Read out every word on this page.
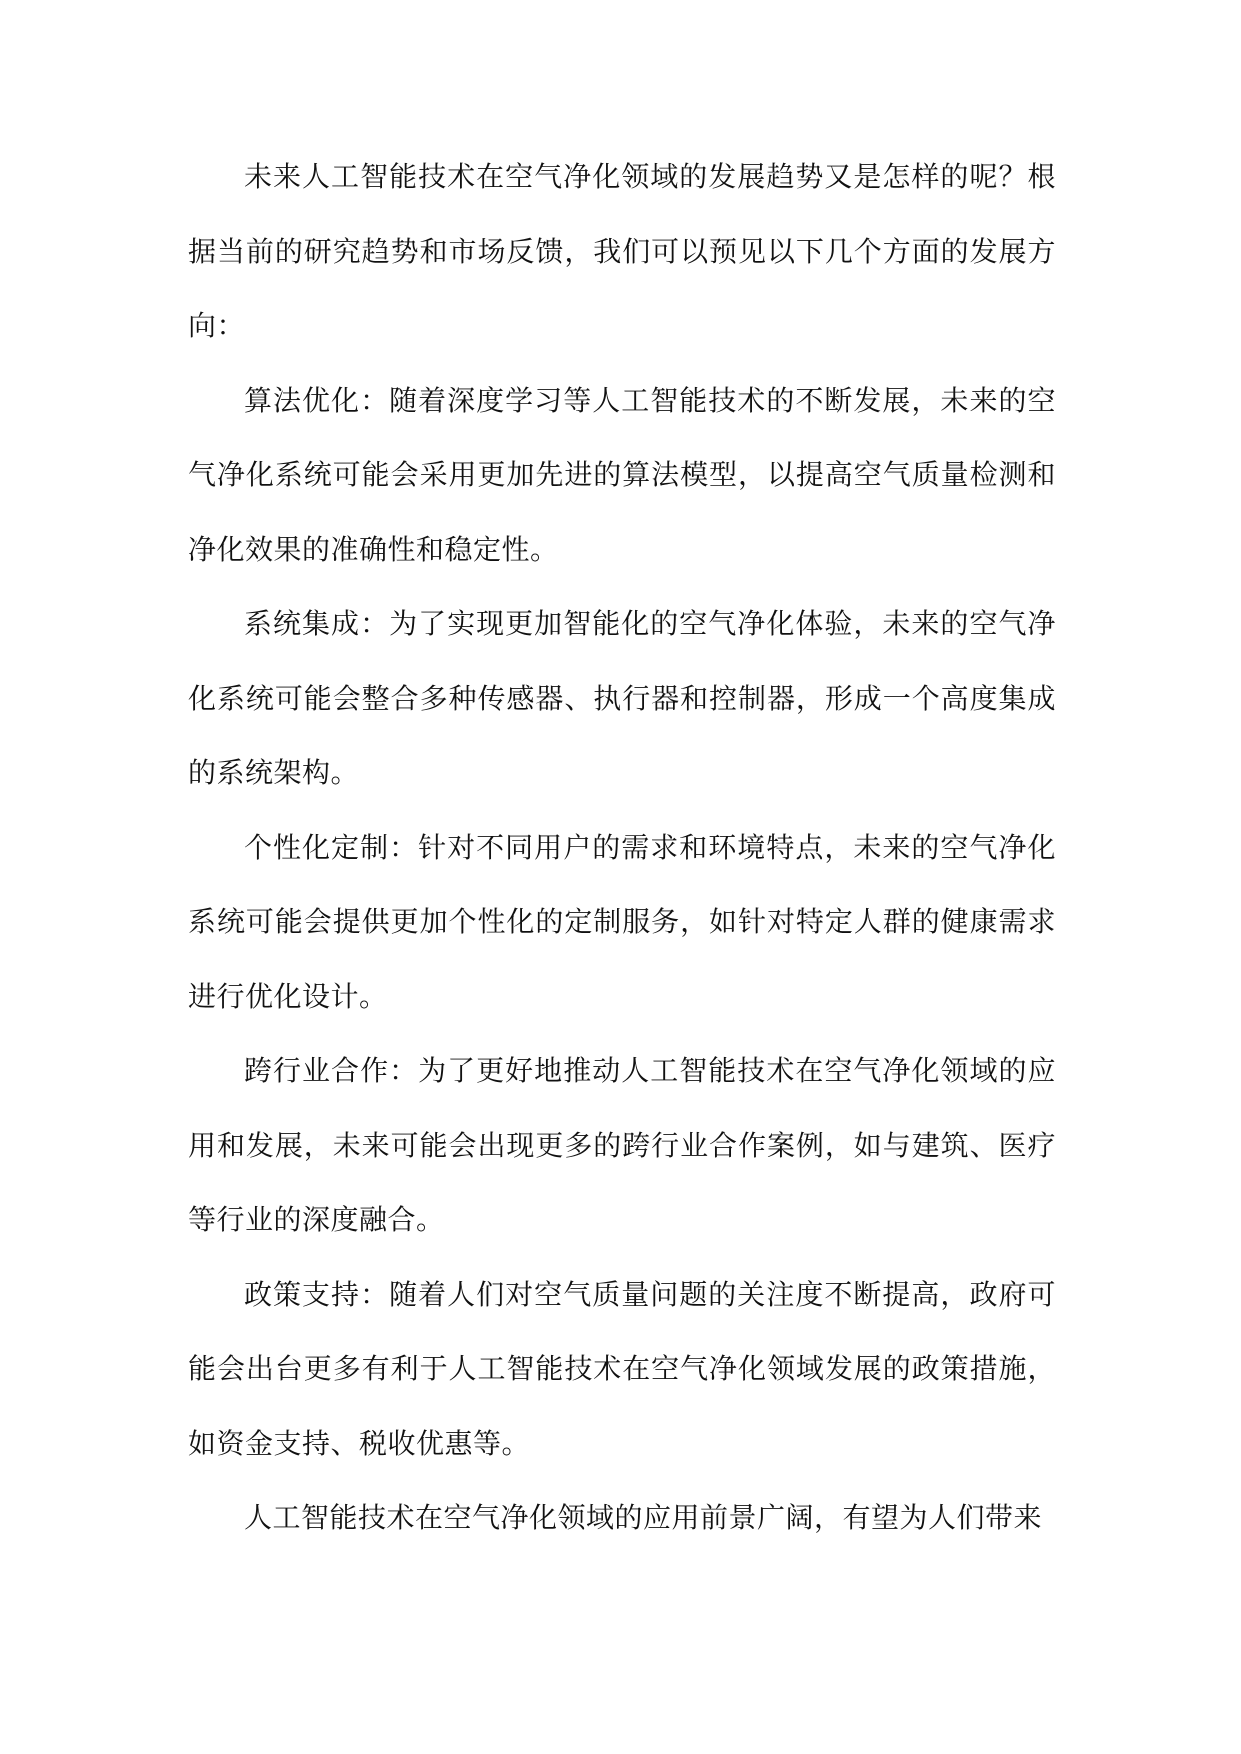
未来人工智能技术在空气净化领域的发展趋势又是怎样的呢？根据当前的研究趋势和市场反馈，我们可以预见以下几个方面的发展方向：

算法优化：随着深度学习等人工智能技术的不断发展，未来的空气净化系统可能会采用更加先进的算法模型，以提高空气质量检测和净化效果的准确性和稳定性。

系统集成：为了实现更加智能化的空气净化体验，未来的空气净化系统可能会整合多种传感器、执行器和控制器，形成一个高度集成的系统架构。

个性化定制：针对不同用户的需求和环境特点，未来的空气净化系统可能会提供更加个性化的定制服务，如针对特定人群的健康需求进行优化设计。

跨行业合作：为了更好地推动人工智能技术在空气净化领域的应用和发展，未来可能会出现更多的跨行业合作案例，如与建筑、医疗等行业的深度融合。

政策支持：随着人们对空气质量问题的关注度不断提高，政府可能会出台更多有利于人工智能技术在空气净化领域发展的政策措施，如资金支持、税收优惠等。

人工智能技术在空气净化领域的应用前景广阔，有望为人们带来
